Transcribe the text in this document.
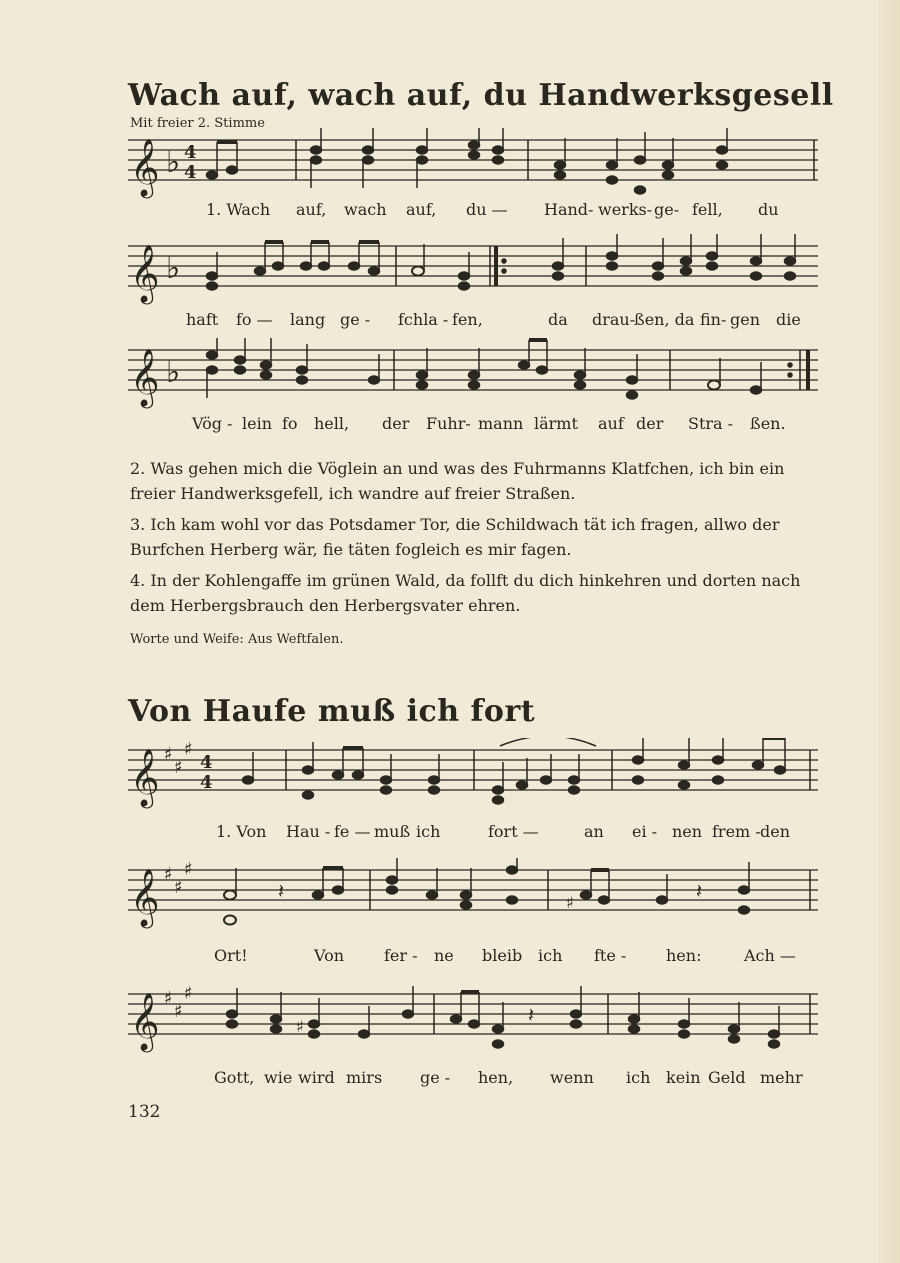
Wach auf, wach auf, du Handwerksgesell
Mit freier 2. Stimme
𝄞 ♭ 4
4
1. Wach auf, wach auf, du — Hand- werks- ge- fell, du
𝄞 ♭
haft fo — lang ge - fchla - fen,	da drau-
ßen, da fin- gen die
𝄞 ♭
Vög - lein fo hell, der Fuhr- mann lärmt auf der Stra - ßen.

2. Was gehen mich die Vöglein an und was des Fuhrmanns Klatfchen, ich bin ein freier Handwerksgefell, ich wandre auf freier Straßen.

3. Ich kam wohl vor das Potsdamer Tor, die Schildwach tät ich fragen, allwo der Burfchen Herberg wär, fie täten fogleich es mir fagen.

4. In der Kohlengaffe im grünen Wald, da follft du dich hinkehren und dorten nach dem Herbergsbrauch den Herbergsvater ehren.

Worte und Weife: Aus Weftfalen.
Von Haufe muß ich fort
𝄞 ♯
♯
♯
4
4
1. Von Hau - fe — muß ich	fort —	an ei - nen frem - den
𝄞 ♯
♯
♯
𝄽	♯	𝄽
Ort!	Von fer - ne bleib ich fte - hen:	Ach —
𝄞 ♯
♯
♯
♯	𝄽
Gott, wie wird mirs ge - hen, wenn ich kein Geld mehr
132
